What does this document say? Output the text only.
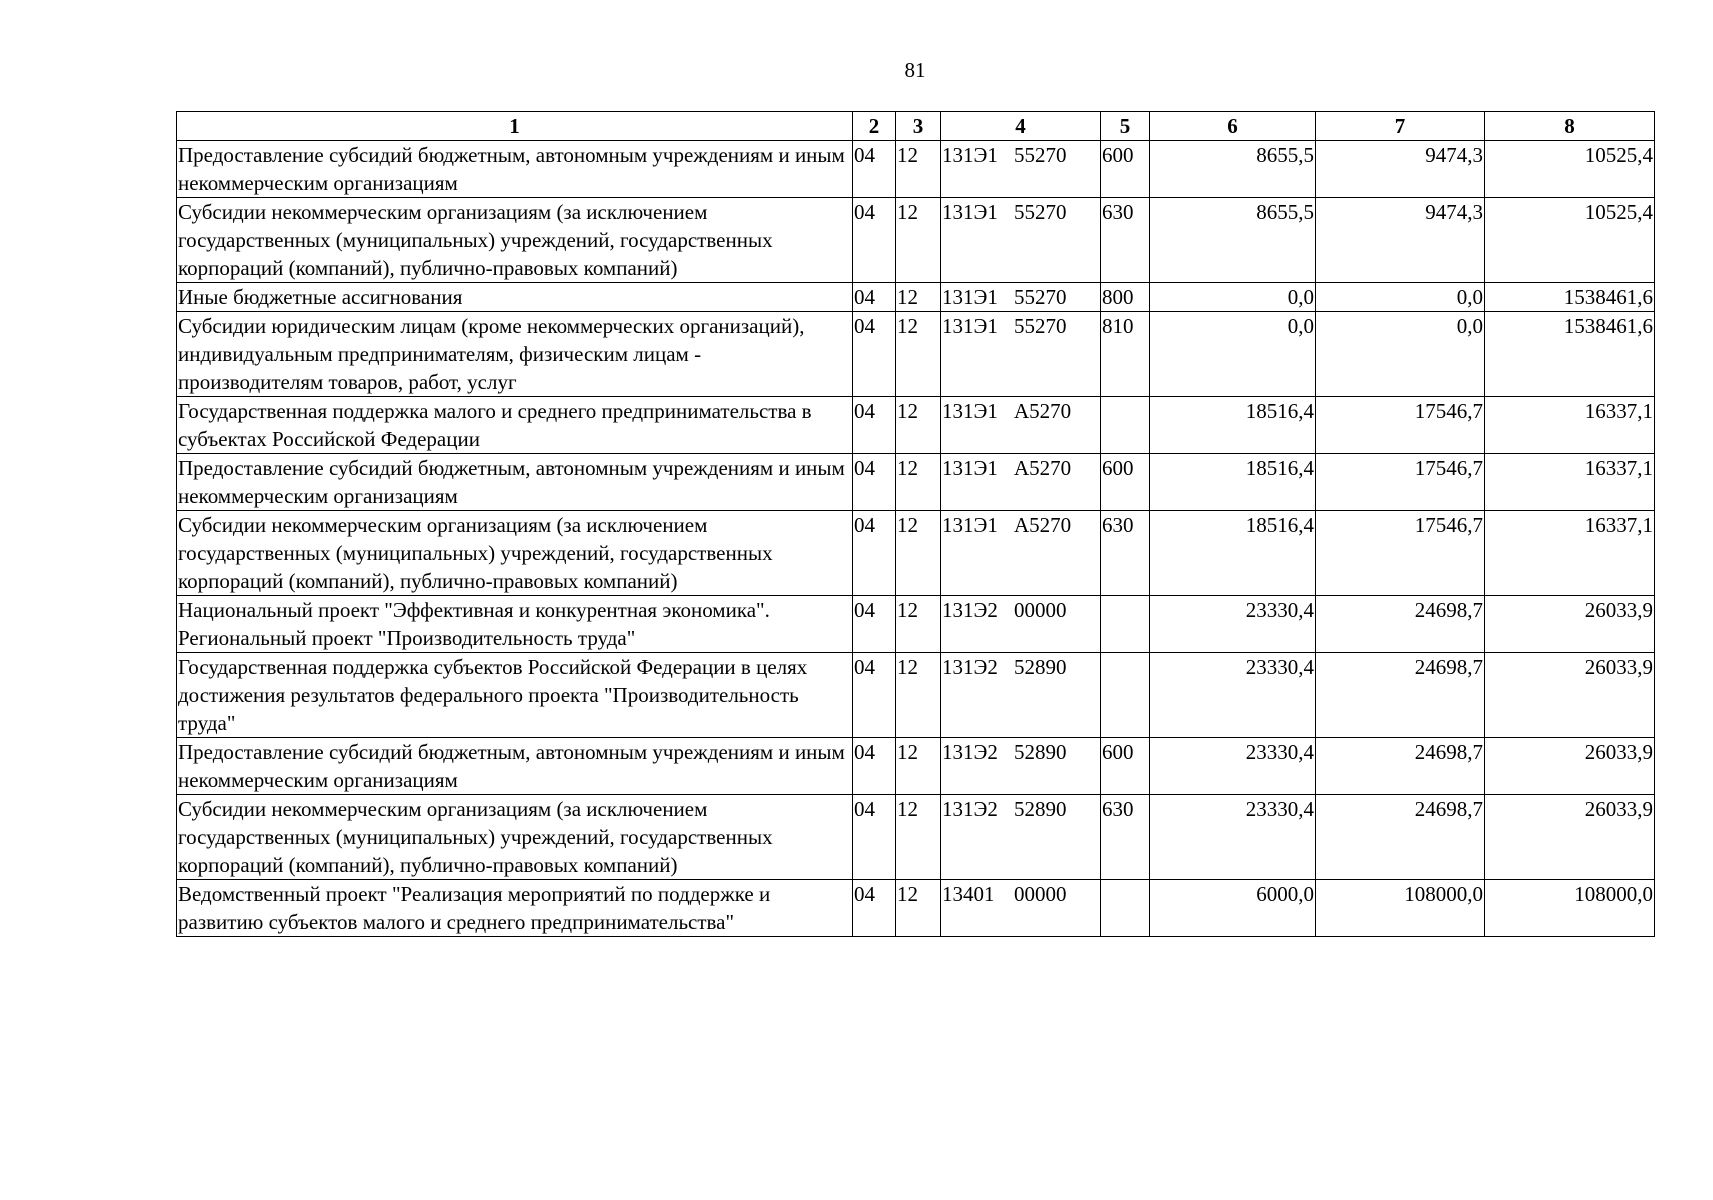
81
1	2	3	4	5	6	7	8
Предоставление субсидий бюджетным, автономным учреждениям и иным некоммерческим организациям	04	12	131Э1 55270	600	8655,5	9474,3	10525,4
Субсидии некоммерческим организациям (за исключением государственных (муниципальных) учреждений, государственных корпораций (компаний), публично-правовых компаний)	04	12	131Э1 55270	630	8655,5	9474,3	10525,4
Иные бюджетные ассигнования	04	12	131Э1 55270	800	0,0	0,0	1538461,6
Субсидии юридическим лицам (кроме некоммерческих организаций), индивидуальным предпринимателям, физическим лицам - производителям товаров, работ, услуг	04	12	131Э1 55270	810	0,0	0,0	1538461,6
Государственная поддержка малого и среднего предпринимательства в субъектах Российской Федерации	04	12	131Э1 А5270		18516,4	17546,7	16337,1
Предоставление субсидий бюджетным, автономным учреждениям и иным некоммерческим организациям	04	12	131Э1 А5270	600	18516,4	17546,7	16337,1
Субсидии некоммерческим организациям (за исключением государственных (муниципальных) учреждений, государственных корпораций (компаний), публично-правовых компаний)	04	12	131Э1 А5270	630	18516,4	17546,7	16337,1
Национальный проект "Эффективная и конкурентная экономика". Региональный проект "Производительность труда"	04	12	131Э2 00000		23330,4	24698,7	26033,9
Государственная поддержка субъектов Российской Федерации в целях достижения результатов федерального проекта "Производительность труда"	04	12	131Э2 52890		23330,4	24698,7	26033,9
Предоставление субсидий бюджетным, автономным учреждениям и иным некоммерческим организациям	04	12	131Э2 52890	600	23330,4	24698,7	26033,9
Субсидии некоммерческим организациям (за исключением государственных (муниципальных) учреждений, государственных корпораций (компаний), публично-правовых компаний)	04	12	131Э2 52890	630	23330,4	24698,7	26033,9
Ведомственный проект "Реализация мероприятий по поддержке и развитию субъектов малого и среднего предпринимательства"	04	12	13401 00000		6000,0	108000,0	108000,0
